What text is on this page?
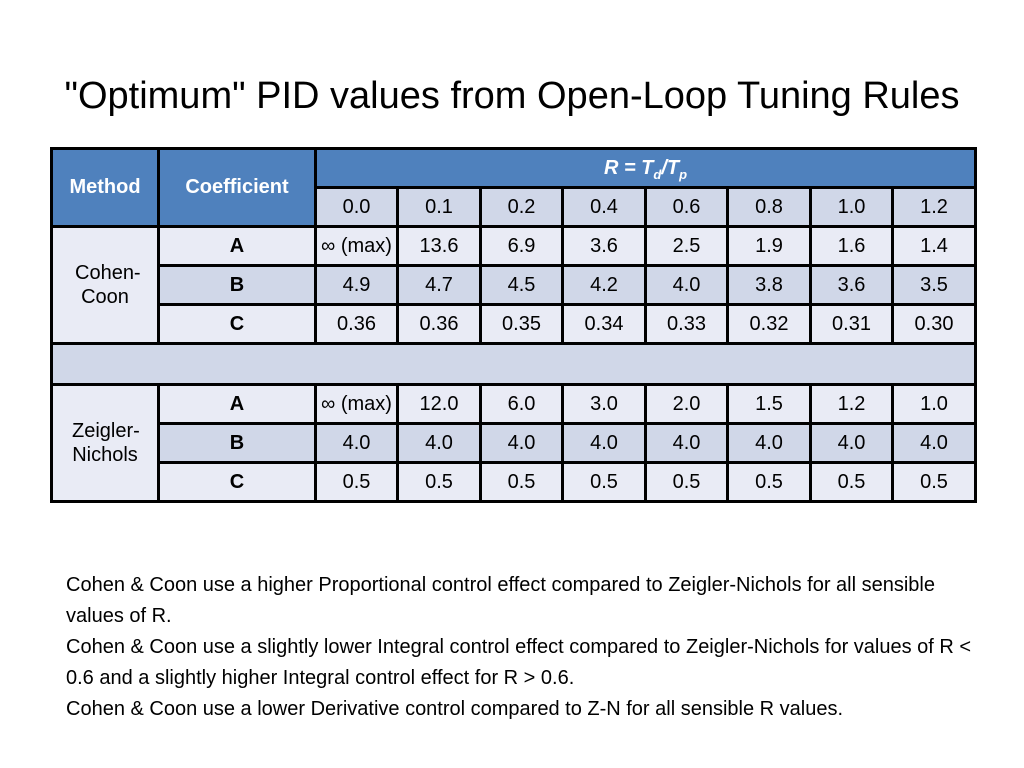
"Optimum" PID values from Open-Loop Tuning Rules
Method	Coefficient	$R = T_d/T_p$
		0.0	0.1	0.2	0.4	0.6	0.8	1.0	1.2
Cohen-Coon	A	∞ (max)	13.6	6.9	3.6	2.5	1.9	1.6	1.4
	B	4.9	4.7	4.5	4.2	4.0	3.8	3.6	3.5
	C	0.36	0.36	0.35	0.34	0.33	0.32	0.31	0.30

Zeigler-Nichols	A	∞ (max)	12.0	6.0	3.0	2.0	1.5	1.2	1.0
	B	4.0	4.0	4.0	4.0	4.0	4.0	4.0	4.0
	C	0.5	0.5	0.5	0.5	0.5	0.5	0.5	0.5

Cohen & Coon use a higher Proportional control effect compared to Zeigler-Nichols for all sensible values of R.

Cohen & Coon use a slightly lower Integral control effect compared to Zeigler-Nichols for values of R < 0.6 and a slightly higher Integral control effect for R > 0.6.

Cohen & Coon use a lower Derivative control compared to Z-N for all sensible R values.
